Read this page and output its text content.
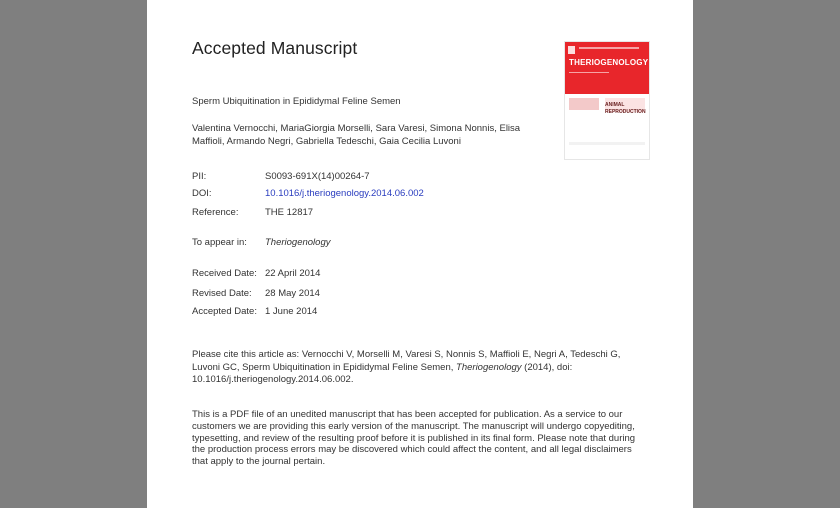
Accepted Manuscript
THERIOGENOLOGY
ANIMAL REPRODUCTION
Sperm Ubiquitination in Epididymal Feline Semen
Valentina Vernocchi, MariaGiorgia Morselli, Sara Varesi, Simona Nonnis, Elisa Maffioli, Armando Negri, Gabriella Tedeschi, Gaia Cecilia Luvoni
PII:	S0093-691X(14)00264-7
DOI:	10.1016/j.theriogenology.2014.06.002
Reference:	THE 12817
To appear in: Theriogenology
Received Date: 22 April 2014
Revised Date: 28 May 2014
Accepted Date: 1 June 2014
Please cite this article as: Vernocchi V, Morselli M, Varesi S, Nonnis S, Maffioli E, Negri A, Tedeschi G, Luvoni GC, Sperm Ubiquitination in Epididymal Feline Semen, Theriogenology (2014), doi: 10.1016/j.theriogenology.2014.06.002.
This is a PDF file of an unedited manuscript that has been accepted for publication. As a service to our customers we are providing this early version of the manuscript. The manuscript will undergo copyediting, typesetting, and review of the resulting proof before it is published in its final form. Please note that during the production process errors may be discovered which could affect the content, and all legal disclaimers that apply to the journal pertain.
